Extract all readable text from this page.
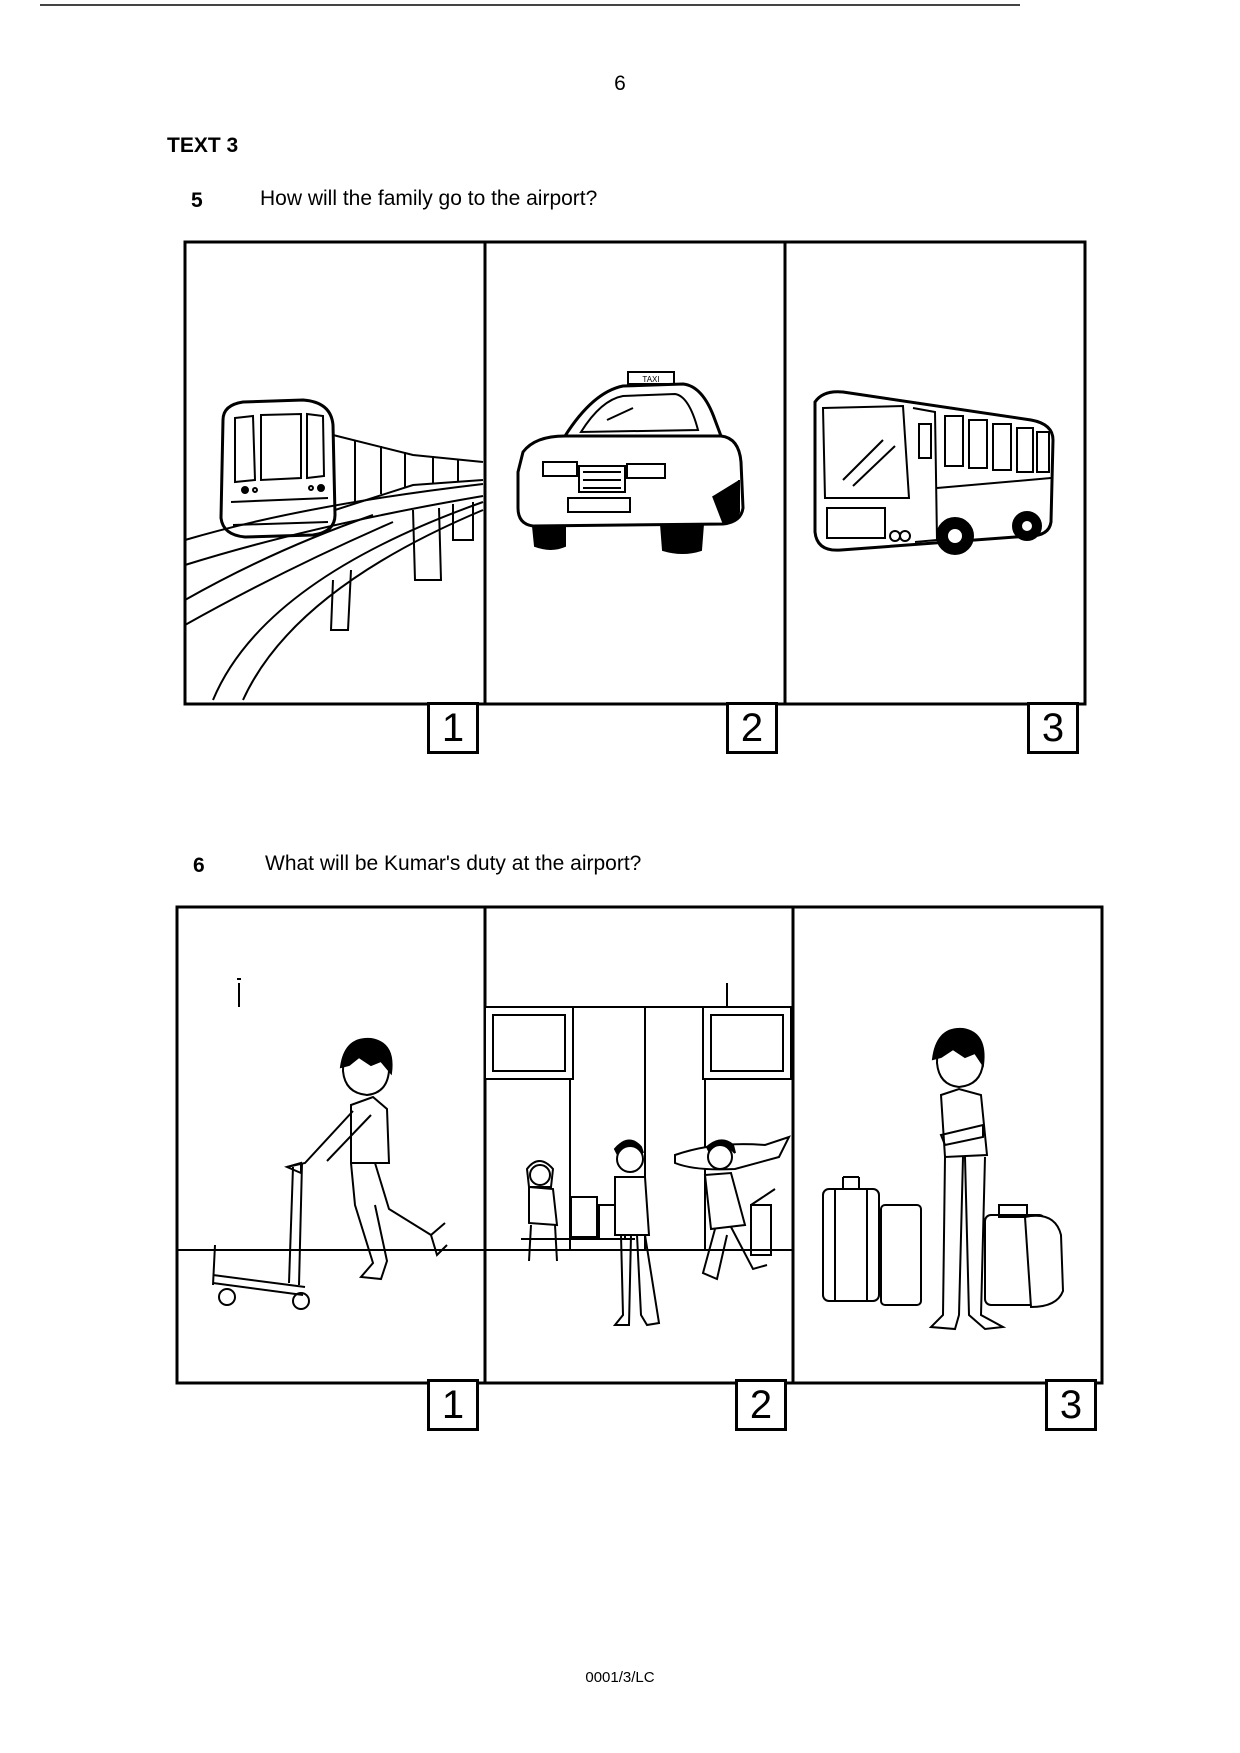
6
TEXT 3
5	How will the family go to the airport?
TAXI
1	2	3
6	What will be Kumar's duty at the airport?
1	2	3
0001/3/LC
